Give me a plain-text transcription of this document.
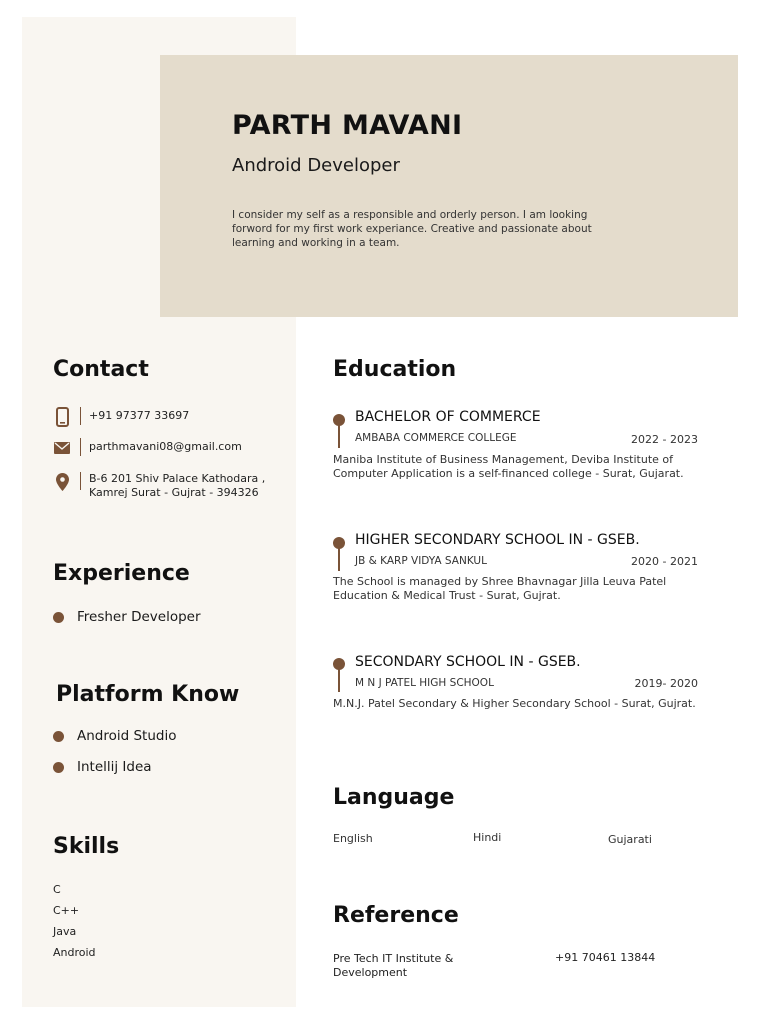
PARTH MAVANI
Android Developer
I consider my self as a responsible and orderly person. I am looking forword for my first work experiance. Creative and passionate about learning and working in a team.
Contact
+91 97377 33697
parthmavani08@gmail.com
B-6 201 Shiv Palace Kathodara ,
Kamrej Surat - Gujrat - 394326
Experience
Fresher Developer
Platform Know
Android Studio
Intellij Idea
Skills
C
C++
Java
Android
Education
BACHELOR OF COMMERCE
AMBABA COMMERCE COLLEGE	2022 - 2023
Maniba Institute of Business Management, Deviba Institute of Computer Application is a self-financed college - Surat, Gujarat.
HIGHER SECONDARY SCHOOL IN - GSEB.
JB & KARP VIDYA SANKUL	2020 - 2021
The School is managed by Shree Bhavnagar Jilla Leuva Patel Education & Medical Trust - Surat, Gujrat.
SECONDARY SCHOOL IN - GSEB.
M N J PATEL HIGH SCHOOL	2019- 2020
M.N.J. Patel Secondary & Higher Secondary School - Surat, Gujrat.
Language
English	Hindi	Gujarati
Reference
Pre Tech IT Institute & Development
+91 70461 13844
